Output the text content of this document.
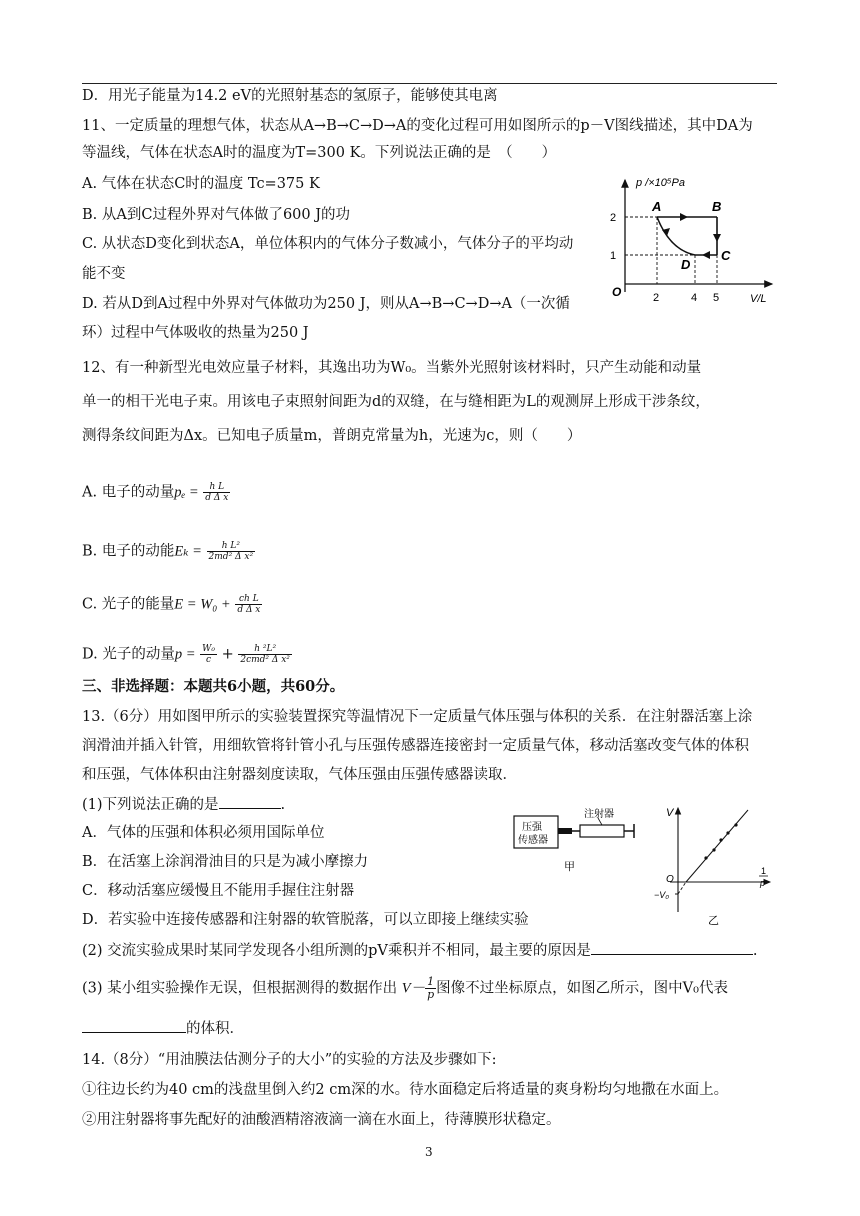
D．用光子能量为14.2 eV的光照射基态的氢原子，能够使其电离
11、一定质量的理想气体，状态从A→B→C→D→A的变化过程可用如图所示的p－V图线描述，其中DA为
等温线，气体在状态A时的温度为T=300 K。下列说法正确的是　（　　）
A. 气体在状态C时的温度 Tc=375 K
B. 从A到C过程外界对气体做了600 J的功
C. 从状态D变化到状态A，单位体积内的气体分子数减小，气体分子的平均动
能不变
D. 若从D到A过程中外界对气体做功为250 J，则从A→B→C→D→A（一次循
环）过程中气体吸收的热量为250 J
p /×10⁵Pa
V/L
O
2
1
2	4 5
A	B
C
D
12、有一种新型光电效应量子材料，其逸出功为W₀。当紫外光照射该材料时，只产生动能和动量
单一的相干光电子束。用该电子束照射间距为d的双缝，在与缝相距为L的观测屏上形成干涉条纹，
测得条纹间距为Δx。已知电子质量m，普朗克常量为h，光速为c，则（　　）
A. 电子的动量$p_e = \frac{\text{h L}}{\text{d Δ x}}$
B. 电子的动能$E_k = \frac{\text{h L²}}{\text{2md² Δ x²}}$
C. 光子的能量$E = W_0 + \frac{\text{ch L}}{\text{d Δ x}}$
D. 光子的动量$p = \frac{\text{W₀}}{c} + \frac{\text{h ²L²}}{\text{2cmd² Δ x²}}$
三、非选择题：本题共6小题，共60分。
13.（6分）用如图甲所示的实验装置探究等温情况下一定质量气体压强与体积的关系．在注射器活塞上涂
润滑油并插入针管，用细软管将针管小孔与压强传感器连接密封一定质量气体，移动活塞改变气体的体积
和压强，气体体积由注射器刻度读取，气体压强由压强传感器读取．
(1)下列说法正确的是	.
A．气体的压强和体积必须用国际单位
B．在活塞上涂润滑油目的只是为减小摩擦力
C．移动活塞应缓慢且不能用手握住注射器
D．若实验中连接传感器和注射器的软管脱落，可以立即接上继续实验
压强
传感器
注射器
甲
V
O
−V₀
1
p
乙
(2) 交流实验成果时某同学发现各小组所测的pV乘积并不相同，最主要的原因是	.
(3) 某小组实验操作无误，但根据测得的数据作出 $V- \frac{1}{p}$ 图像不过坐标原点，如图乙所示，图中V₀代表
的体积．
14.（8分）“用油膜法估测分子的大小”的实验的方法及步骤如下:
①往边长约为40 cm的浅盘里倒入约2 cm深的水。待水面稳定后将适量的爽身粉均匀地撒在水面上。
②用注射器将事先配好的油酸酒精溶液滴一滴在水面上，待薄膜形状稳定。
3
